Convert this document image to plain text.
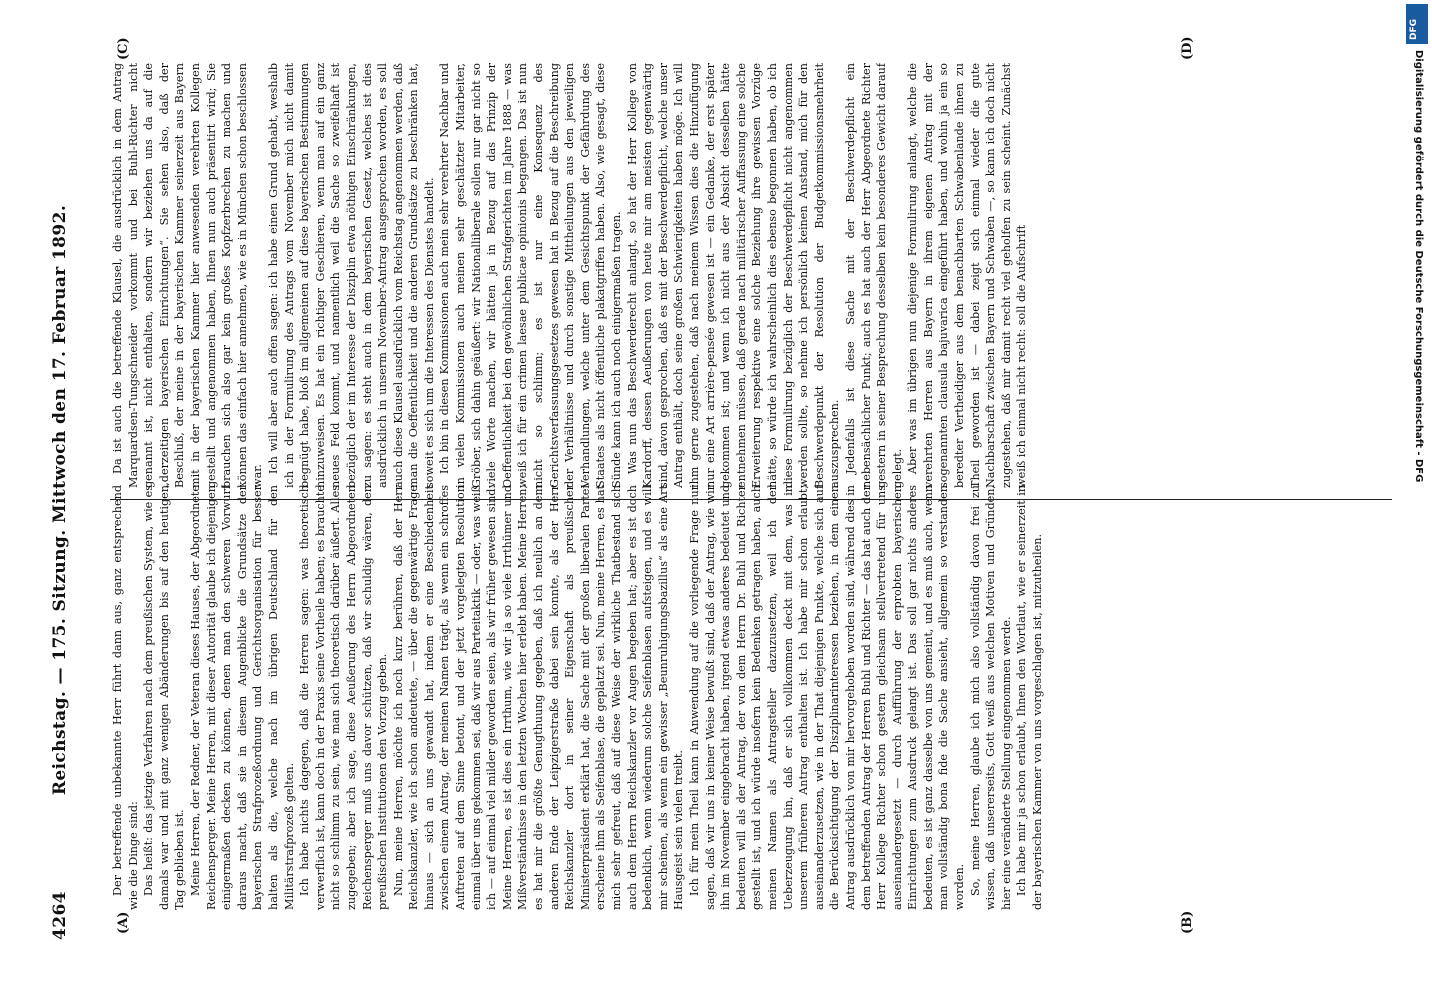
4264
Reichstag. — 175. Sitzung. Mittwoch den 17. Februar 1892.	Der betreffende unbekannte Herr führt dann aus, ganz entsprechend wie die Dinge sind: Das heißt: das jetzige Verfahren nach dem preußischen System, wie es damals war und mit ganz wenigen Abänderungen bis auf den heutigen Tag geblieben ist. Meine Herren, der Redner, der Veteran dieses Hauses, der Abgeordnete Reichensperger. Meine Herren, mit dieser Autorität glaube ich diejenigen einigermaßen decken zu können, denen man den schweren Vorwurf daraus macht, daß sie in diesem Augenblicke die Grundsätze der bayerischen Strafprozeßordnung und Gerichtsorganisation für besser halten als die, welche nach im übrigen Deutschland für den Militärstrafprozeß gelten. Ich habe nichts dagegen, daß die Herren sagen: was theoretisch verwerflich ist, kann doch in der Praxis seine Vortheile haben; es brauchte nicht so schlimm zu sein, wie man sich theoretisch darüber äußert. Alles zugegeben; aber ich sage, diese Aeußerung des Herrn Abgeordneten Reichensperger muß uns davor schützen, daß wir schuldig wären, den preußischen Institutionen den Vorzug geben. Nun, meine Herren, möchte ich noch kurz berühren, daß der Herr Reichskanzler, wie ich schon andeutete, — über die gegenwärtige Frage hinaus — sich an uns gewandt hat, indem er eine Beschiedenheit zwischen einem Antrag, der meinen Namen trägt, als wenn ein schroffes Auftreten auf dem Sinne betont, und der jetzt vorgelegten Resolution einmal über uns gekommen sei, daß wir aus Parteitaktik — oder, was weiß ich — auf einmal viel milder geworden seien, als wir früher gewesen sind. Meine Herren, es ist dies ein Irrthum, wie wir ja so viele Irrthümer und Mißverständnisse in den letzten Wochen hier erlebt haben. Meine Herren, es hat mir die größte Genugthuung gegeben, daß ich neulich an dem anderen Ende der Leipzigerstraße dabei sein konnte, als der Herr Reichskanzler dort in seiner Eigenschaft als preußischer Ministerpräsident erklärt hat, die Sache mit der großen liberalen Partei erscheine ihm als Seifenblase, die geplatzt sei. Nun, meine Herren, es hat mich sehr gefreut, daß auf diese Weise der wirkliche Thatbestand sich auch dem Herrn Reichskanzler vor Augen begeben hat; aber es ist doch bedenklich, wenn wiederum solche Seifenblasen aufsteigen, und es will mir scheinen, als wenn ein gewisser „Beunruhigungsbazillus“ als eine Art Hausgeist sein vielen treibt. Ich für mein Theil kann in Anwendung auf die vorliegende Frage nur sagen, daß wir uns in keiner Weise bewußt sind, daß der Antrag, wie wir ihn im November eingebracht haben, irgend etwas anderes bedeutet und bedeuten will als der Antrag, der von dem Herrn Dr. Buhl und Richter gestellt ist, und ich würde insofern kein Bedenken getragen haben, auch meinen Namen als Antragsteller dazuzusetzen, weil ich der Ueberzeugung bin, daß er sich vollkommen deckt mit dem, was in unserem früheren Antrag enthalten ist. Ich habe mir schon erlaubt, auseinanderzusetzen, wie in der That diejenigen Punkte, welche sich auf die Berücksichtigung der Disziplinarinteressen beziehen, in dem einen Antrag ausdrücklich von mir hervorgehoben worden sind, während dies in dem betreffenden Antrag der Herren Buhl und Richter — das hat auch der Herr Kollege Richter schon gestern gleichsam stellvertretend für uns auseinandergesetzt — durch Aufführung der erprobten bayerischen Einrichtungen zum Ausdruck gelangt ist. Das soll gar nichts anderes bedeuten, es ist ganz dasselbe von uns gemeint, und es muß auch, wenn man vollständig bona fide die Sache ansieht, allgemein so verstanden worden. So, meine Herren, glaube ich mich also vollständig davon frei zu wissen, daß unsererseits, Gott weiß aus welchen Motiven und Gründen, hier eine veränderte Stellung eingenommen werde. Ich habe mir ja schon erlaubt, Ihnen den Wortlaut, wie er seinerzeit in der bayerischen Kammer von uns vorgeschlagen ist, mitzutheilen.

Da ist auch die betreffende Klausel, die ausdrücklich in dem Antrag Marquardsen-Tungschneider vorkommt und bei Buhl-Richter nicht genannt ist, nicht enthalten, sondern wir beziehen uns da auf die „derzeitigen bayerischen Einrichtungen“. Sie sehen also, daß der Beschluß, der meine in der bayerischen Kammer seinerzeit aus Bayern mit in der bayerischen Kammer hier anwesenden verehrten Kollegen gestellt und angenommen haben, Ihnen nun auch präsentirt wird; Sie brauchen sich also gar kein großes Kopfzerbrechen zu machen und können das einfach hier annehmen, wie es in München schon beschlossen war.

Ich will aber auch offen sagen: ich habe einen Grund gehabt, weshalb ich in der Formulirung des Antrags vom November mich nicht damit begnügt habe, bloß im allgemeinen auf diese bayerischen Bestimmungen hinzuweisen. Es hat ein richtiger Geschieren, wenn man auf ein ganz neues Feld kommt, und namentlich weil die Sache so zweifelhaft ist bezüglich der im Interesse der Disziplin etwa nöthigen Einschränkungen, zu sagen: es steht auch in dem bayerischen Gesetz, welches ist dies ausdrücklich in unserm November-Antrag ausgesprochen worden, es soll auch diese Klausel ausdrücklich vom Reichstag angenommen werden, daß man die Oeffentlichkeit und die anderen Grundsätze zu beschränken hat, soweit es sich um die Interessen des Dienstes handelt. Ich bin in diesen Kommissionen auch mein sehr verehrter Nachbar und in vielen Kommissionen auch meinen sehr geschätzter Mitarbeiter, Gröber, sich dahin geäußert: wir Nationalliberale sollen nur gar nicht so viele Worte machen, wir hätten ja in Bezug auf das Prinzip der Oeffentlichkeit bei den gewöhnlichen Strafgerichten im Jahre 1888 — was weiß ich für ein crimen laesae publicae opinionis begangen. Das ist nun nicht so schlimm; es ist nur eine Konsequenz des Gerichtsverfassungsgesetzes gewesen hat in Bezug auf die Beschreibung der Verhältnisse und durch sonstige Mittheilungen aus den jeweiligen Verhandlungen, welche unter dem Gesichtspunkt der Gefährdung des Staates als nicht öffentliche plakatgriffen haben. Also, wie gesagt, diese Sünde kann ich auch noch einigermaßen tragen. Was nun das Beschwerderecht anlangt, so hat der Herr Kollege von Kardorff, dessen Aeußerungen von heute mir am meisten gegenwärtig sind, davon gesprochen, daß es mit der Beschwerdepflicht, welche unser Antrag enthält, doch seine großen Schwierigkeiten haben möge. Ich will ihm gerne zugestehen, daß nach meinem Wissen dies die Hinzufügung nur eine Art arrière-pensée gewesen ist — ein Gedanke, der erst später gekommen ist; und wenn ich nicht aus der Absicht desselben hätte entnehmen müssen, daß gerade nach militärischer Auffassung eine solche Erweiterung respektive eine solche Beziehung ihre gewissen Vorzüge hätte, so würde ich wahrscheinlich dies ebenso begonnen haben, ob ich diese Formulirung bezüglich der Beschwerdepflicht nicht angenommen werden sollte, so nehme ich persönlich keinen Anstand, mich für den Beschwerdepunkt der Resolution der Budgetkommissionsmehrheit auszusprechen. Jedenfalls ist diese Sache mit der Beschwerdepflicht ein nebensächlicher Punkt; auch es hat auch der Herr Abgeordnete Richter gestern in seiner Besprechung desselben kein besonderes Gewicht darauf gelegt. Aber was im übrigen nun diejenige Formulirung anlangt, welche die verehrten Herren aus Bayern in ihrem eigenen Antrag mit der sogenannten clausula bajuvarica eingeführt haben, und wohin ja ein so beredter Vertheidiger aus dem benachbarten Schwabenlande ihnen zu Theil geworden ist — dabei zeigt sich einmal wieder die gute Nachbarschaft zwischen Bayern und Schwaben —, so kann ich doch nicht zugestehen, daß mir damit recht viel geholfen zu sein scheint. Zunächst weiß ich einmal nicht recht: soll die Aufschrift

(A)	(B)
(C)	(D)
DFG
Digitalisierung gefördert durch die Deutsche Forschungsgemeinschaft - DFG
